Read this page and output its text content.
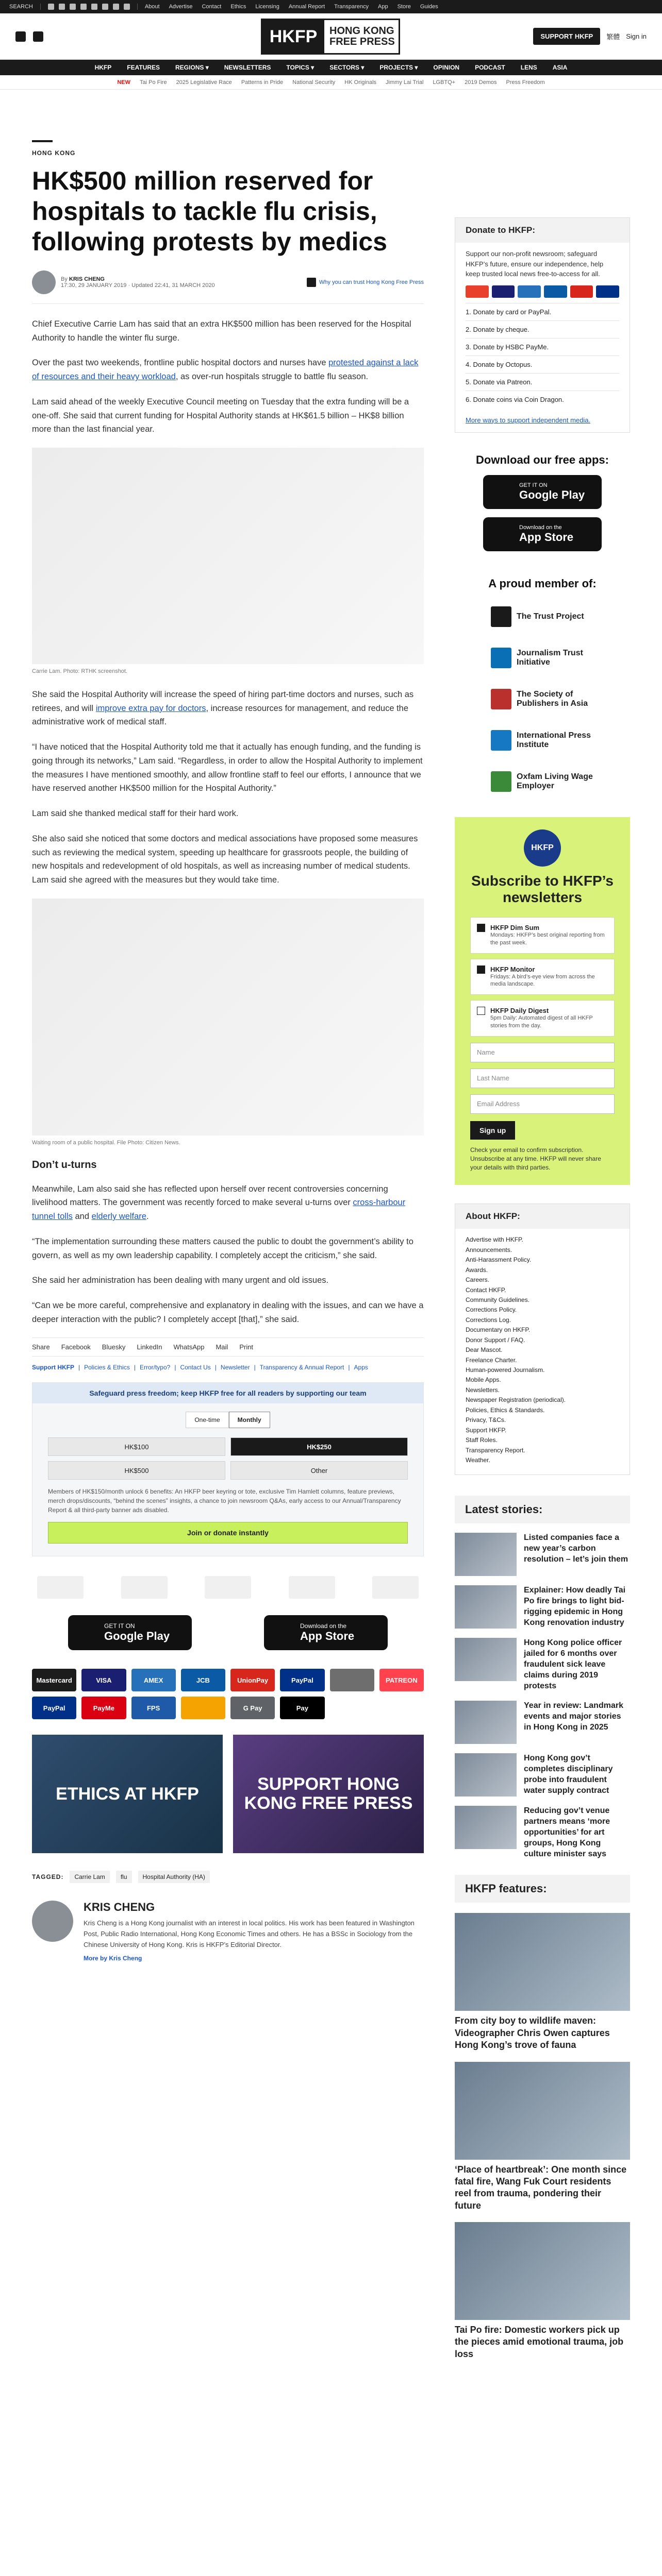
SEARCH	About Advertise Contact Ethics Licensing Annual Report Transparency App Store Guides
HKFP	HONG KONG
FREE PRESS	SUPPORT HKFP	繁體 Sign in
HKFP	FEATURES	REGIONS ▾	NEWSLETTERS	TOPICS ▾	SECTORS ▾	PROJECTS ▾	OPINION	PODCAST	LENS	ASIA
NEW Tai Po Fire 2025 Legislative Race Patterns in Pride National Security HK Originals Jimmy Lai Trial LGBTQ+ 2019 Demos Press Freedom
HONG KONG
HK$500 million reserved for hospitals to tackle flu crisis, following protests by medics
By KRIS CHENG
17:30, 29 JANUARY 2019 · Updated 22:41, 31 MARCH 2020	Why you can trust Hong Kong Free Press

Chief Executive Carrie Lam has said that an extra HK$500 million has been reserved for the Hospital Authority to handle the winter flu surge.

Over the past two weekends, frontline public hospital doctors and nurses have protested against a lack of resources and their heavy workload, as over-run hospitals struggle to battle flu season.

Lam said ahead of the weekly Executive Council meeting on Tuesday that the extra funding will be a one-off. She said that current funding for Hospital Authority stands at HK$61.5 billion – HK$8 billion more than the last financial year.

Carrie Lam. Photo: RTHK screenshot.

She said the Hospital Authority will increase the speed of hiring part-time doctors and nurses, such as retirees, and will improve extra pay for doctors, increase resources for management, and reduce the administrative work of medical staff.

“I have noticed that the Hospital Authority told me that it actually has enough funding, and the funding is going through its networks,” Lam said. “Regardless, in order to allow the Hospital Authority to implement the measures I have mentioned smoothly, and allow frontline staff to feel our efforts, I announce that we have reserved another HK$500 million for the Hospital Authority.”

Lam said she thanked medical staff for their hard work.

She also said she noticed that some doctors and medical associations have proposed some measures such as reviewing the medical system, speeding up healthcare for grassroots people, the building of new hospitals and redevelopment of old hospitals, as well as increasing number of medical students. Lam said she agreed with the measures but they would take time.

Waiting room of a public hospital. File Photo: Citizen News.
Don’t u-turns

Meanwhile, Lam also said she has reflected upon herself over recent controversies concerning livelihood matters. The government was recently forced to make several u-turns over cross-harbour tunnel tolls and elderly welfare.

“The implementation surrounding these matters caused the public to doubt the government’s ability to govern, as well as my own leadership capability. I completely accept the criticism,” she said.

She said her administration has been dealing with many urgent and old issues.

“Can we be more careful, comprehensive and explanatory in dealing with the issues, and can we have a deeper interaction with the public? I completely accept [that],” she said.

Share Facebook Bluesky LinkedIn WhatsApp Mail Print
Support HKFP | Policies & Ethics | Error/typo? | Contact Us | Newsletter | Transparency & Annual Report | Apps
Safeguard press freedom; keep HKFP free for all readers by supporting our team
One-time	Monthly
HK$100	HK$250
HK$500	Other
Members of HK$150/month unlock 6 benefits: An HKFP beer keyring or tote, exclusive Tim Hamlett columns, feature previews, merch drops/discounts, “behind the scenes” insights, a chance to join newsroom Q&As, early access to our Annual/Transparency Report & all third-party banner ads disabled.
Join or donate instantly
GET IT ON
Google Play
Download on the
App Store
Mastercard	VISA	AMEX	JCB	UnionPay	PayPal	PATREON
PayPal	PayMe	FPS	G Pay	Pay
ETHICS AT HKFP	SUPPORT HONG KONG FREE PRESS
TAGGED:	Carrie Lam	flu	Hospital Authority (HA)
KRIS CHENG
Kris Cheng is a Hong Kong journalist with an interest in local politics. His work has been featured in Washington Post, Public Radio International, Hong Kong Economic Times and others. He has a BSSc in Sociology from the Chinese University of Hong Kong. Kris is HKFP’s Editorial Director.
More by Kris Cheng
Donate to HKFP:
Support our non-profit newsroom; safeguard HKFP’s future, ensure our independence, help keep trusted local news free-to-access for all.
1. Donate by card or PayPal.
2. Donate by cheque.
3. Donate by HSBC PayMe.
4. Donate by Octopus.
5. Donate via Patreon.
6. Donate coins via Coin Dragon.
More ways to support independent media.
Download our free apps:
GET IT ON
Google Play
Download on the
App Store
A proud member of:
The Trust Project
Journalism Trust Initiative
The Society of Publishers in Asia
International Press Institute
Oxfam Living Wage Employer
HKFP
Subscribe to HKFP’s newsletters
HKFP Dim Sum
Mondays: HKFP’s best original reporting from the past week.
HKFP Monitor
Fridays: A bird’s-eye view from across the media landscape.
HKFP Daily Digest
5pm Daily: Automated digest of all HKFP stories from the day.
Name
Last Name
Email Address
Sign up
Check your email to confirm subscription. Unsubscribe at any time. HKFP will never share your details with third parties.
About HKFP:
Advertise with HKFP.
Announcements.
Anti-Harassment Policy.
Awards.
Careers.
Contact HKFP.
Community Guidelines.
Corrections Policy.
Corrections Log.
Documentary on HKFP.
Donor Support / FAQ.
Dear Mascot.
Freelance Charter.
Human-powered Journalism.
Mobile Apps.
Newsletters.
Newspaper Registration (periodical).
Policies, Ethics & Standards.
Privacy, T&Cs.
Support HKFP.
Staff Roles.
Transparency Report.
Weather.
Latest stories:
Listed companies face a new year’s carbon resolution – let’s join them
Explainer: How deadly Tai Po fire brings to light bid-rigging epidemic in Hong Kong renovation industry
Hong Kong police officer jailed for 6 months over fraudulent sick leave claims during 2019 protests
Year in review: Landmark events and major stories in Hong Kong in 2025
Hong Kong gov’t completes disciplinary probe into fraudulent water supply contract
Reducing gov’t venue partners means ‘more opportunities’ for art groups, Hong Kong culture minister says
HKFP features:
From city boy to wildlife maven: Videographer Chris Owen captures Hong Kong’s trove of fauna
‘Place of heartbreak’: One month since fatal fire, Wang Fuk Court residents reel from trauma, pondering their future
Tai Po fire: Domestic workers pick up the pieces amid emotional trauma, job loss
